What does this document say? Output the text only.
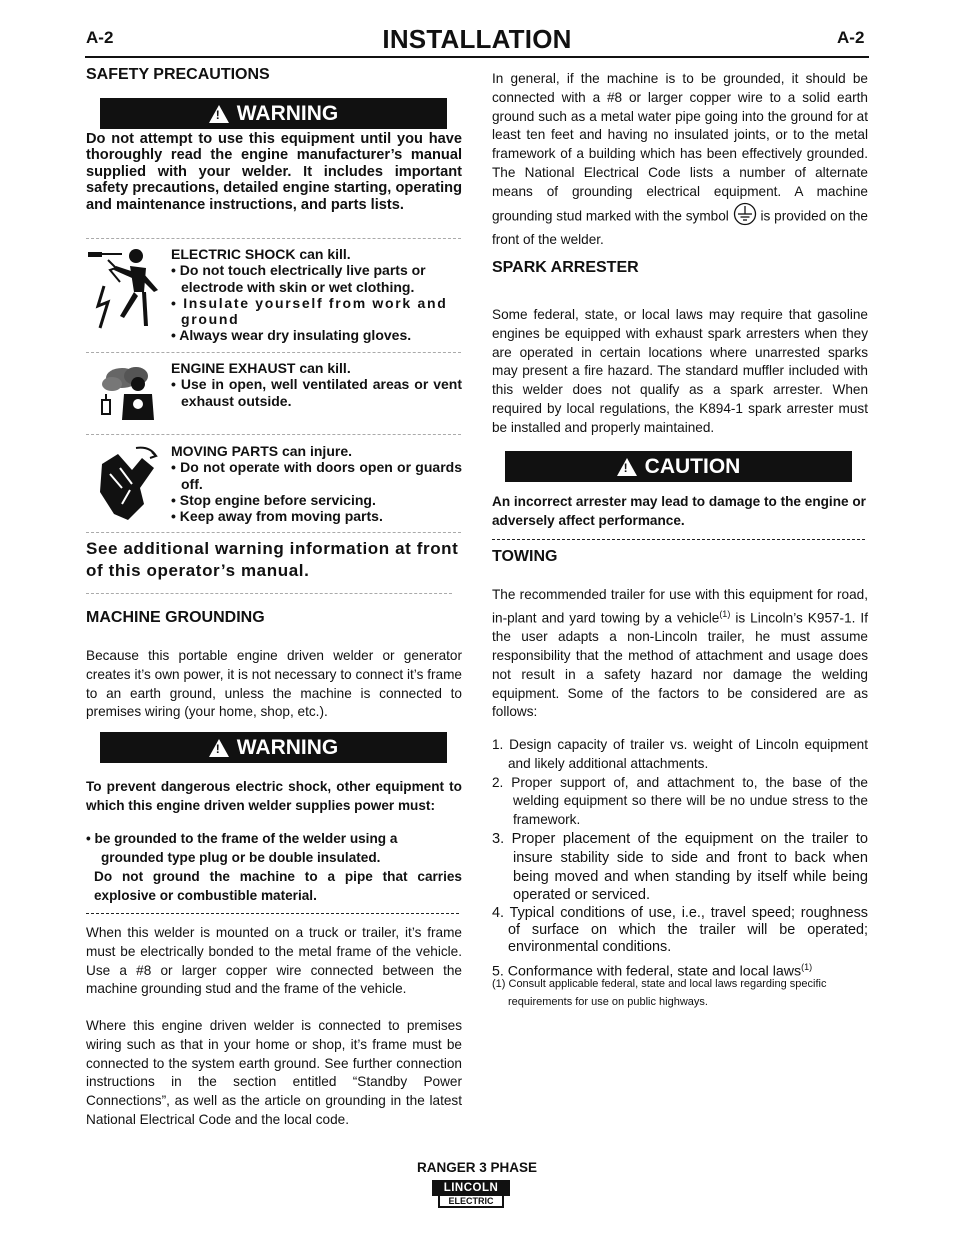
A-2	INSTALLATION	A-2
SAFETY PRECAUTIONS
!
WARNING
Do not attempt to use this equipment until you have thoroughly read the engine manufacturer’s manual supplied with your welder. It includes important safety precautions, detailed engine starting, operating and maintenance instructions, and parts lists.
ELECTRIC SHOCK can kill.
• Do not touch electrically live parts or electrode with skin or wet clothing.
• Insulate yourself from work and ground
• Always wear dry insulating gloves.
ENGINE EXHAUST can kill.
• Use in open, well ventilated areas or vent exhaust outside.
MOVING PARTS can injure.
• Do not operate with doors open or guards off.
• Stop engine before servicing.
• Keep away from moving parts.
See additional warning information at front of this operator’s manual.
MACHINE GROUNDING
Because this portable engine driven welder or generator creates it’s own power, it is not necessary to connect it’s frame to an earth ground, unless the machine is connected to premises wiring (your home, shop, etc.).
!
WARNING
To prevent dangerous electric shock, other equipment to which this engine driven welder supplies power must:
• be grounded to the frame of the welder using a grounded type plug or be double insulated.
Do not ground the machine to a pipe that carries explosive or combustible material.
When this welder is mounted on a truck or trailer, it’s frame must be electrically bonded to the metal frame of the vehicle. Use a #8 or larger copper wire connected between the machine grounding stud and the frame of the vehicle.
Where this engine driven welder is connected to premises wiring such as that in your home or shop, it’s frame must be connected to the system earth ground. See further connection instructions in the section entitled “Standby Power Connections”, as well as the article on grounding in the latest National Electrical Code and the local code.
In general, if the machine is to be grounded, it should be connected with a #8 or larger copper wire to a solid earth ground such as a metal water pipe going into the ground for at least ten feet and having no insulated joints, or to the metal framework of a building which has been effectively grounded. The National Electrical Code lists a number of alternate means of grounding electrical equipment. A machine grounding stud marked with the symbol is provided on the front of the welder.
SPARK ARRESTER
Some federal, state, or local laws may require that gasoline engines be equipped with exhaust spark arresters when they are operated in certain locations where unarrested sparks may present a fire hazard. The standard muffler included with this welder does not qualify as a spark arrester. When required by local regulations, the K894-1 spark arrester must be installed and properly maintained.
!
CAUTION
An incorrect arrester may lead to damage to the engine or adversely affect performance.
TOWING
The recommended trailer for use with this equipment for road, in-plant and yard towing by a vehicle$^{(1)}$ is Lincoln’s K957-1. If the user adapts a non-Lincoln trailer, he must assume responsibility that the method of attachment and usage does not result in a safety hazard nor damage the welding equipment. Some of the factors to be considered are as follows:
1. Design capacity of trailer vs. weight of Lincoln equipment and likely additional attachments.
2. Proper support of, and attachment to, the base of the welding equipment so there will be no undue stress to the framework.
3. Proper placement of the equipment on the trailer to insure stability side to side and front to back when being moved and when standing by itself while being operated or serviced.
4. Typical conditions of use, i.e., travel speed; roughness of surface on which the trailer will be operated; environmental conditions.
5. Conformance with federal, state and local laws$^{(1)}$
(1) Consult applicable federal, state and local laws regarding specific requirements for use on public highways.
RANGER 3 PHASE
LINCOLN
ELECTRIC
